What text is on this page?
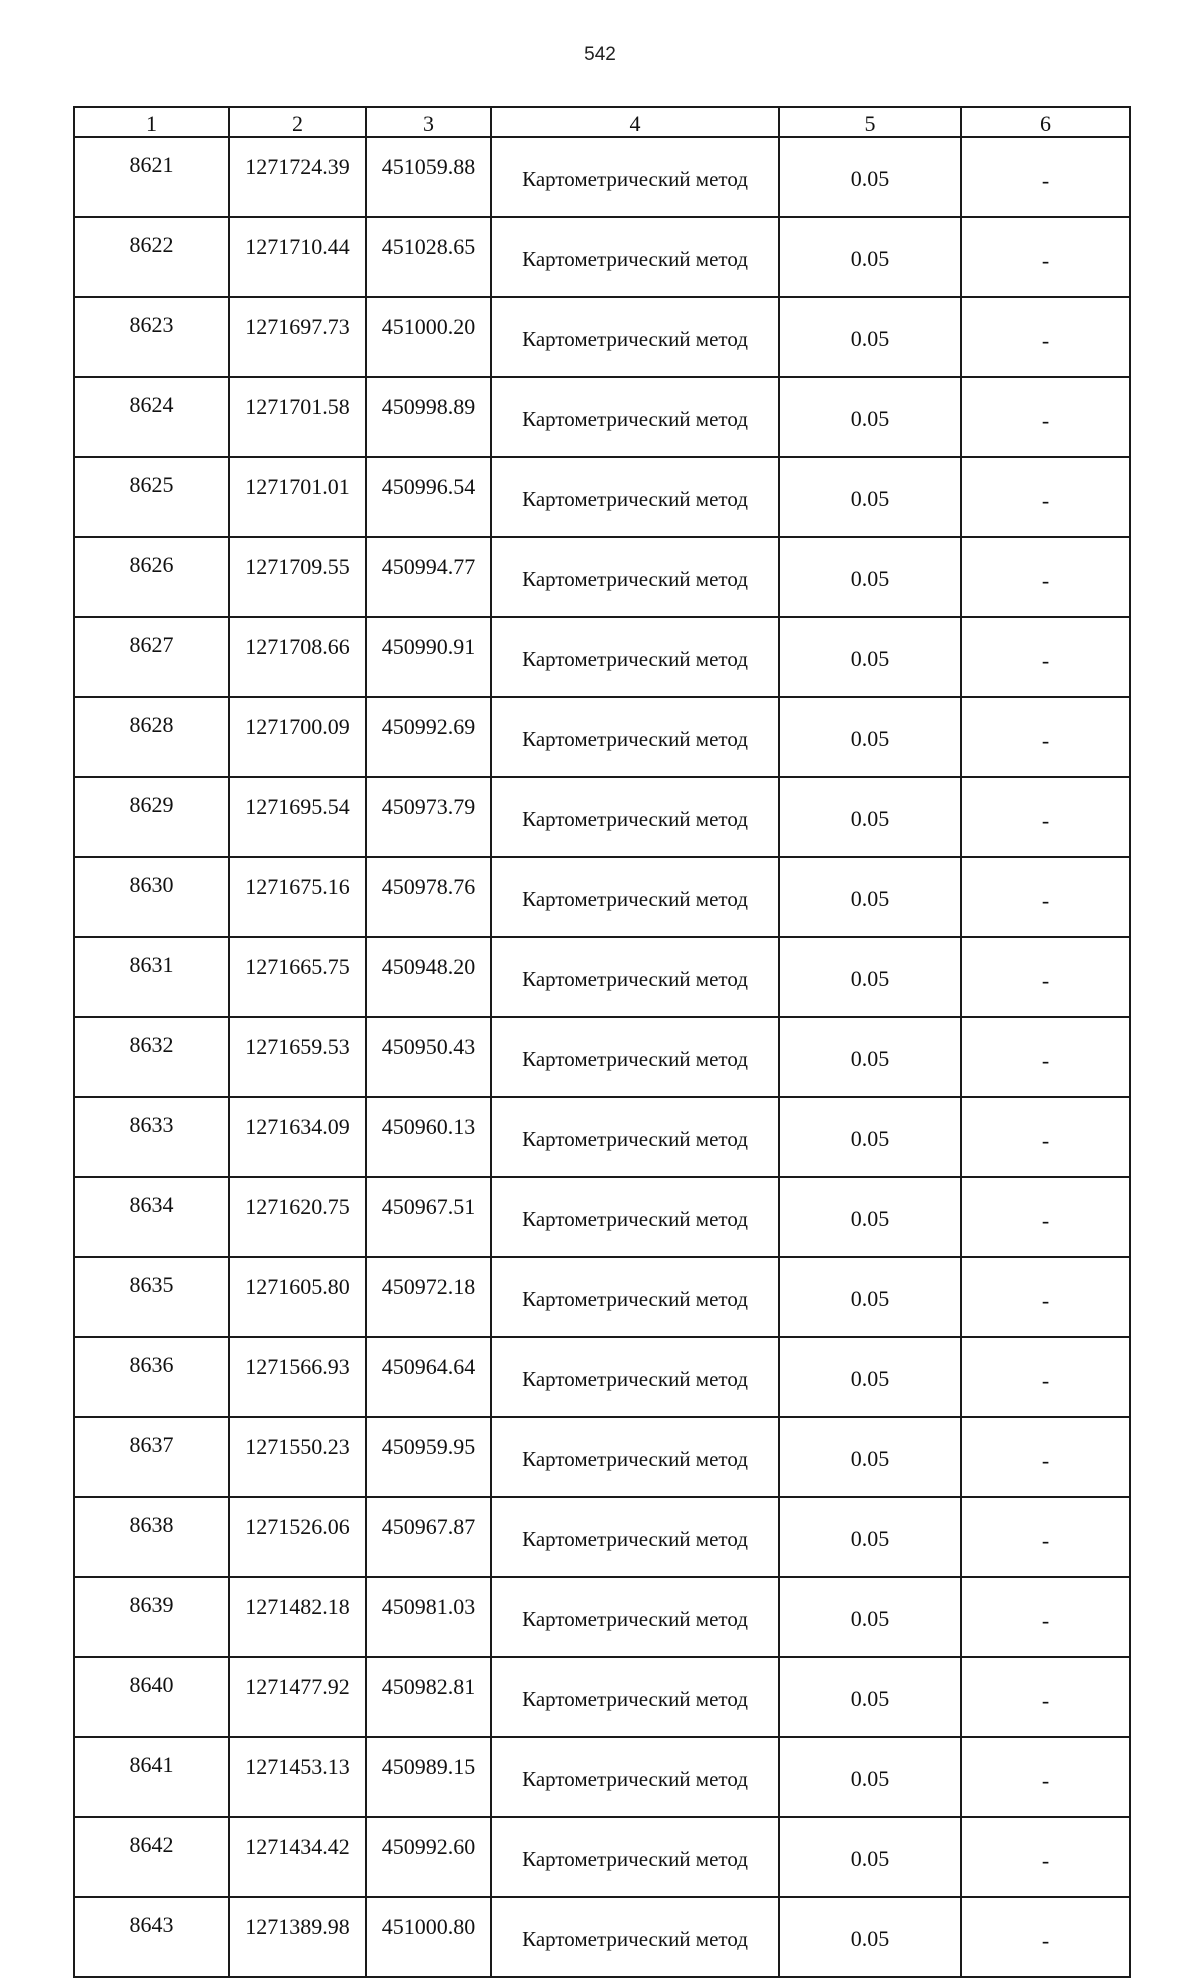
542
1	2	3	4	5	6
8621	1271724.39	451059.88	Картометрический метод	0.05	-
8622	1271710.44	451028.65	Картометрический метод	0.05	-
8623	1271697.73	451000.20	Картометрический метод	0.05	-
8624	1271701.58	450998.89	Картометрический метод	0.05	-
8625	1271701.01	450996.54	Картометрический метод	0.05	-
8626	1271709.55	450994.77	Картометрический метод	0.05	-
8627	1271708.66	450990.91	Картометрический метод	0.05	-
8628	1271700.09	450992.69	Картометрический метод	0.05	-
8629	1271695.54	450973.79	Картометрический метод	0.05	-
8630	1271675.16	450978.76	Картометрический метод	0.05	-
8631	1271665.75	450948.20	Картометрический метод	0.05	-
8632	1271659.53	450950.43	Картометрический метод	0.05	-
8633	1271634.09	450960.13	Картометрический метод	0.05	-
8634	1271620.75	450967.51	Картометрический метод	0.05	-
8635	1271605.80	450972.18	Картометрический метод	0.05	-
8636	1271566.93	450964.64	Картометрический метод	0.05	-
8637	1271550.23	450959.95	Картометрический метод	0.05	-
8638	1271526.06	450967.87	Картометрический метод	0.05	-
8639	1271482.18	450981.03	Картометрический метод	0.05	-
8640	1271477.92	450982.81	Картометрический метод	0.05	-
8641	1271453.13	450989.15	Картометрический метод	0.05	-
8642	1271434.42	450992.60	Картометрический метод	0.05	-
8643	1271389.98	451000.80	Картометрический метод	0.05	-
